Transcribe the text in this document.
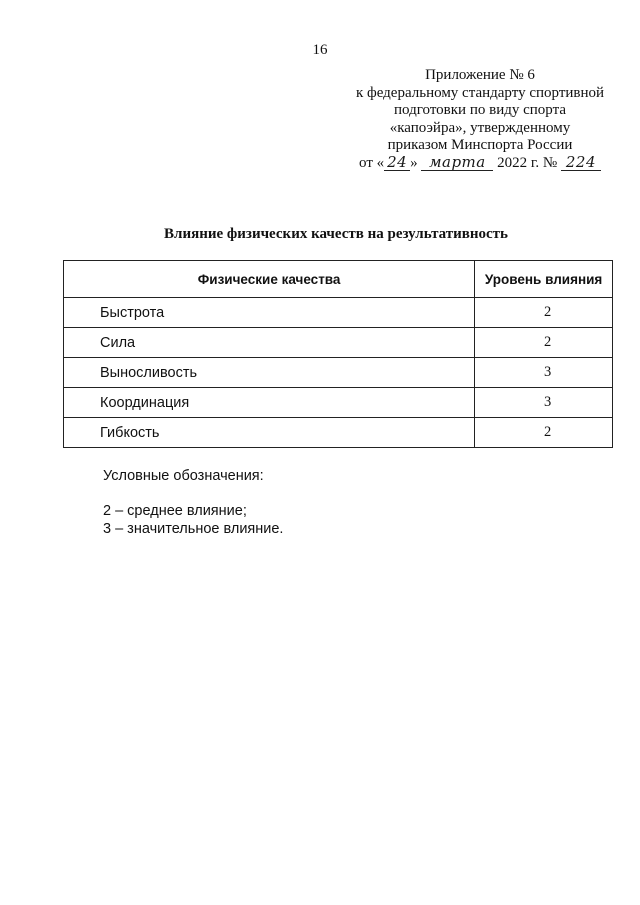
16
Приложение № 6
к федеральному стандарту спортивной
подготовки по виду спорта
«капоэйра», утвержденному
приказом Минспорта России
от « 24 » марта 2022 г. № 224
Влияние физических качеств на результативность
Физические качества	Уровень влияния
Быстрота	2
Сила	2
Выносливость	3
Координация	3
Гибкость	2
Условные обозначения:
2 – среднее влияние;
3 – значительное влияние.
